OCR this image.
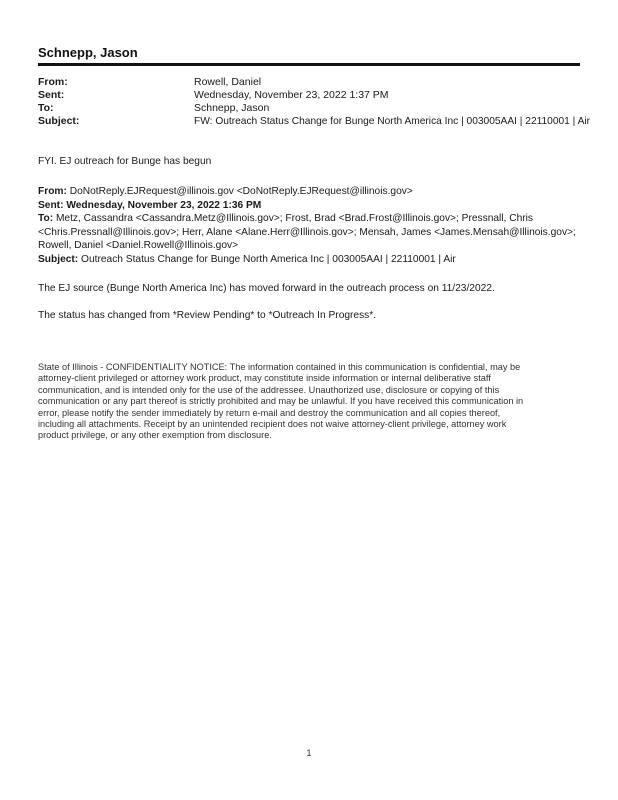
Schnepp, Jason
From:	Rowell, Daniel
Sent:	Wednesday, November 23, 2022 1:37 PM
To:	Schnepp, Jason
Subject:	FW: Outreach Status Change for Bunge North America Inc | 003005AAI | 22110001 | Air
FYI. EJ outreach for Bunge has begun
From: DoNotReply.EJRequest@illinois.gov <DoNotReply.EJRequest@illinois.gov>
Sent: Wednesday, November 23, 2022 1:36 PM
To: Metz, Cassandra <Cassandra.Metz@Illinois.gov>; Frost, Brad <Brad.Frost@Illinois.gov>; Pressnall, Chris
<Chris.Pressnall@Illinois.gov>; Herr, Alane <Alane.Herr@Illinois.gov>; Mensah, James <James.Mensah@Illinois.gov>;
Rowell, Daniel <Daniel.Rowell@Illinois.gov>
Subject: Outreach Status Change for Bunge North America Inc | 003005AAI | 22110001 | Air
The EJ source (Bunge North America Inc) has moved forward in the outreach process on 11/23/2022.
The status has changed from *Review Pending* to *Outreach In Progress*.
State of Illinois - CONFIDENTIALITY NOTICE: The information contained in this communication is confidential, may be
attorney-client privileged or attorney work product, may constitute inside information or internal deliberative staff
communication, and is intended only for the use of the addressee. Unauthorized use, disclosure or copying of this
communication or any part thereof is strictly prohibited and may be unlawful. If you have received this communication in
error, please notify the sender immediately by return e-mail and destroy the communication and all copies thereof,
including all attachments. Receipt by an unintended recipient does not waive attorney-client privilege, attorney work
product privilege, or any other exemption from disclosure.
1
